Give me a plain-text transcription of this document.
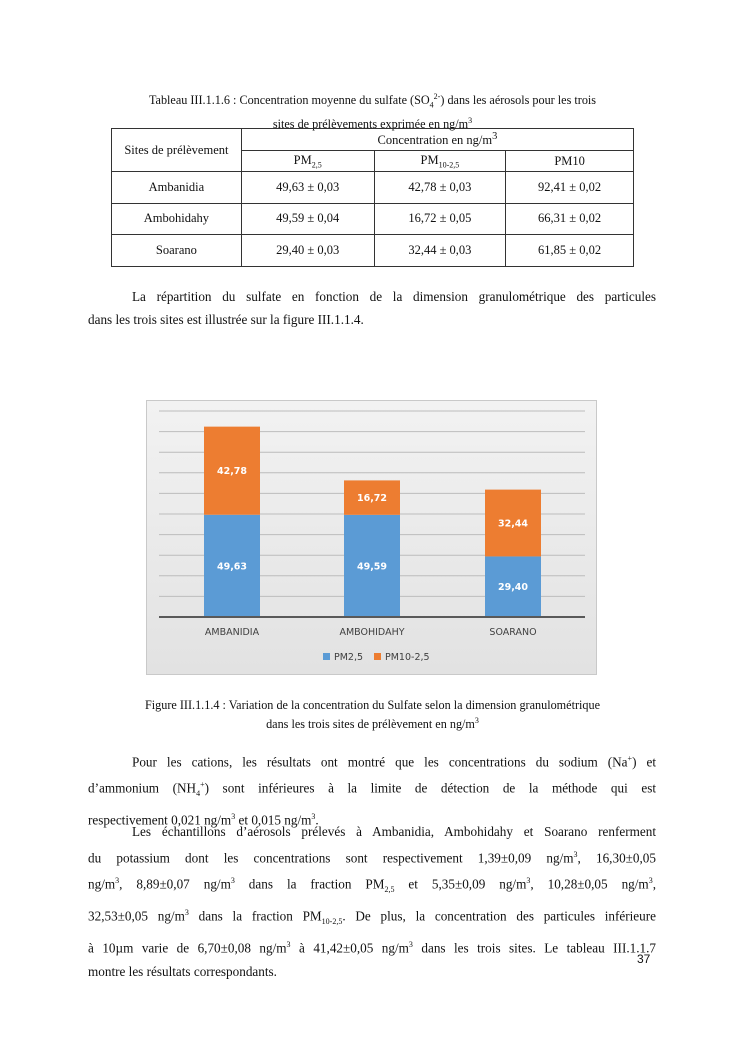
Tableau III.1.1.6 : Concentration moyenne du sulfate $(SO_4^{2-})$ dans les aérosols pour les trois
sites de prélèvements exprimée en $ng/m^3$
Sites de prélèvement	Concentration en $ng/m^3$
	$PM_{2,5}$	$PM_{10-2,5}$	PM10
Ambanidia	49,63 ± 0,03	42,78 ± 0,03	92,41 ± 0,02
Ambohidahy	49,59 ± 0,04	16,72 ± 0,05	66,31 ± 0,02
Soarano	29,40 ± 0,03	32,44 ± 0,03	61,85 ± 0,02
La répartition du sulfate en fonction de la dimension granulométrique des particules
dans les trois sites est illustrée sur la figure III.1.1.4.
49,63
42,78
AMBANIDIA
49,59
16,72
AMBOHIDAHY
29,40
32,44
SOARANO
PM2,5 PM10-2,5
Figure III.1.1.4 : Variation de la concentration du Sulfate selon la dimension granulométrique
dans les trois sites de prélèvement en $ng/m^3$
Pour les cations, les résultats ont montré que les concentrations du sodium (Na+) et
d’ammonium $(NH_4^+)$ sont inférieures à la limite de détection de la méthode qui est
respectivement 0,021 $ng/m^3$ et 0,015 $ng/m^3$.
Les échantillons d’aérosols prélevés à Ambanidia, Ambohidahy et Soarano renferment
du potassium dont les concentrations sont respectivement 1,39±0,09 $ng/m^3$, 16,30±0,05
$ng/m^3$, 8,89±0,07 $ng/m^3$ dans la fraction $PM_{2,5}$ et 5,35±0,09 $ng/m^3$, 10,28±0,05 $ng/m^3$,
32,53±0,05 $ng/m^3$ dans la fraction $PM_{10-2,5}$. De plus, la concentration des particules inférieure
à 10µm varie de 6,70±0,08 $ng/m^3$ à 41,42±0,05 $ng/m^3$ dans les trois sites. Le tableau III.1.1.7
montre les résultats correspondants.
37
